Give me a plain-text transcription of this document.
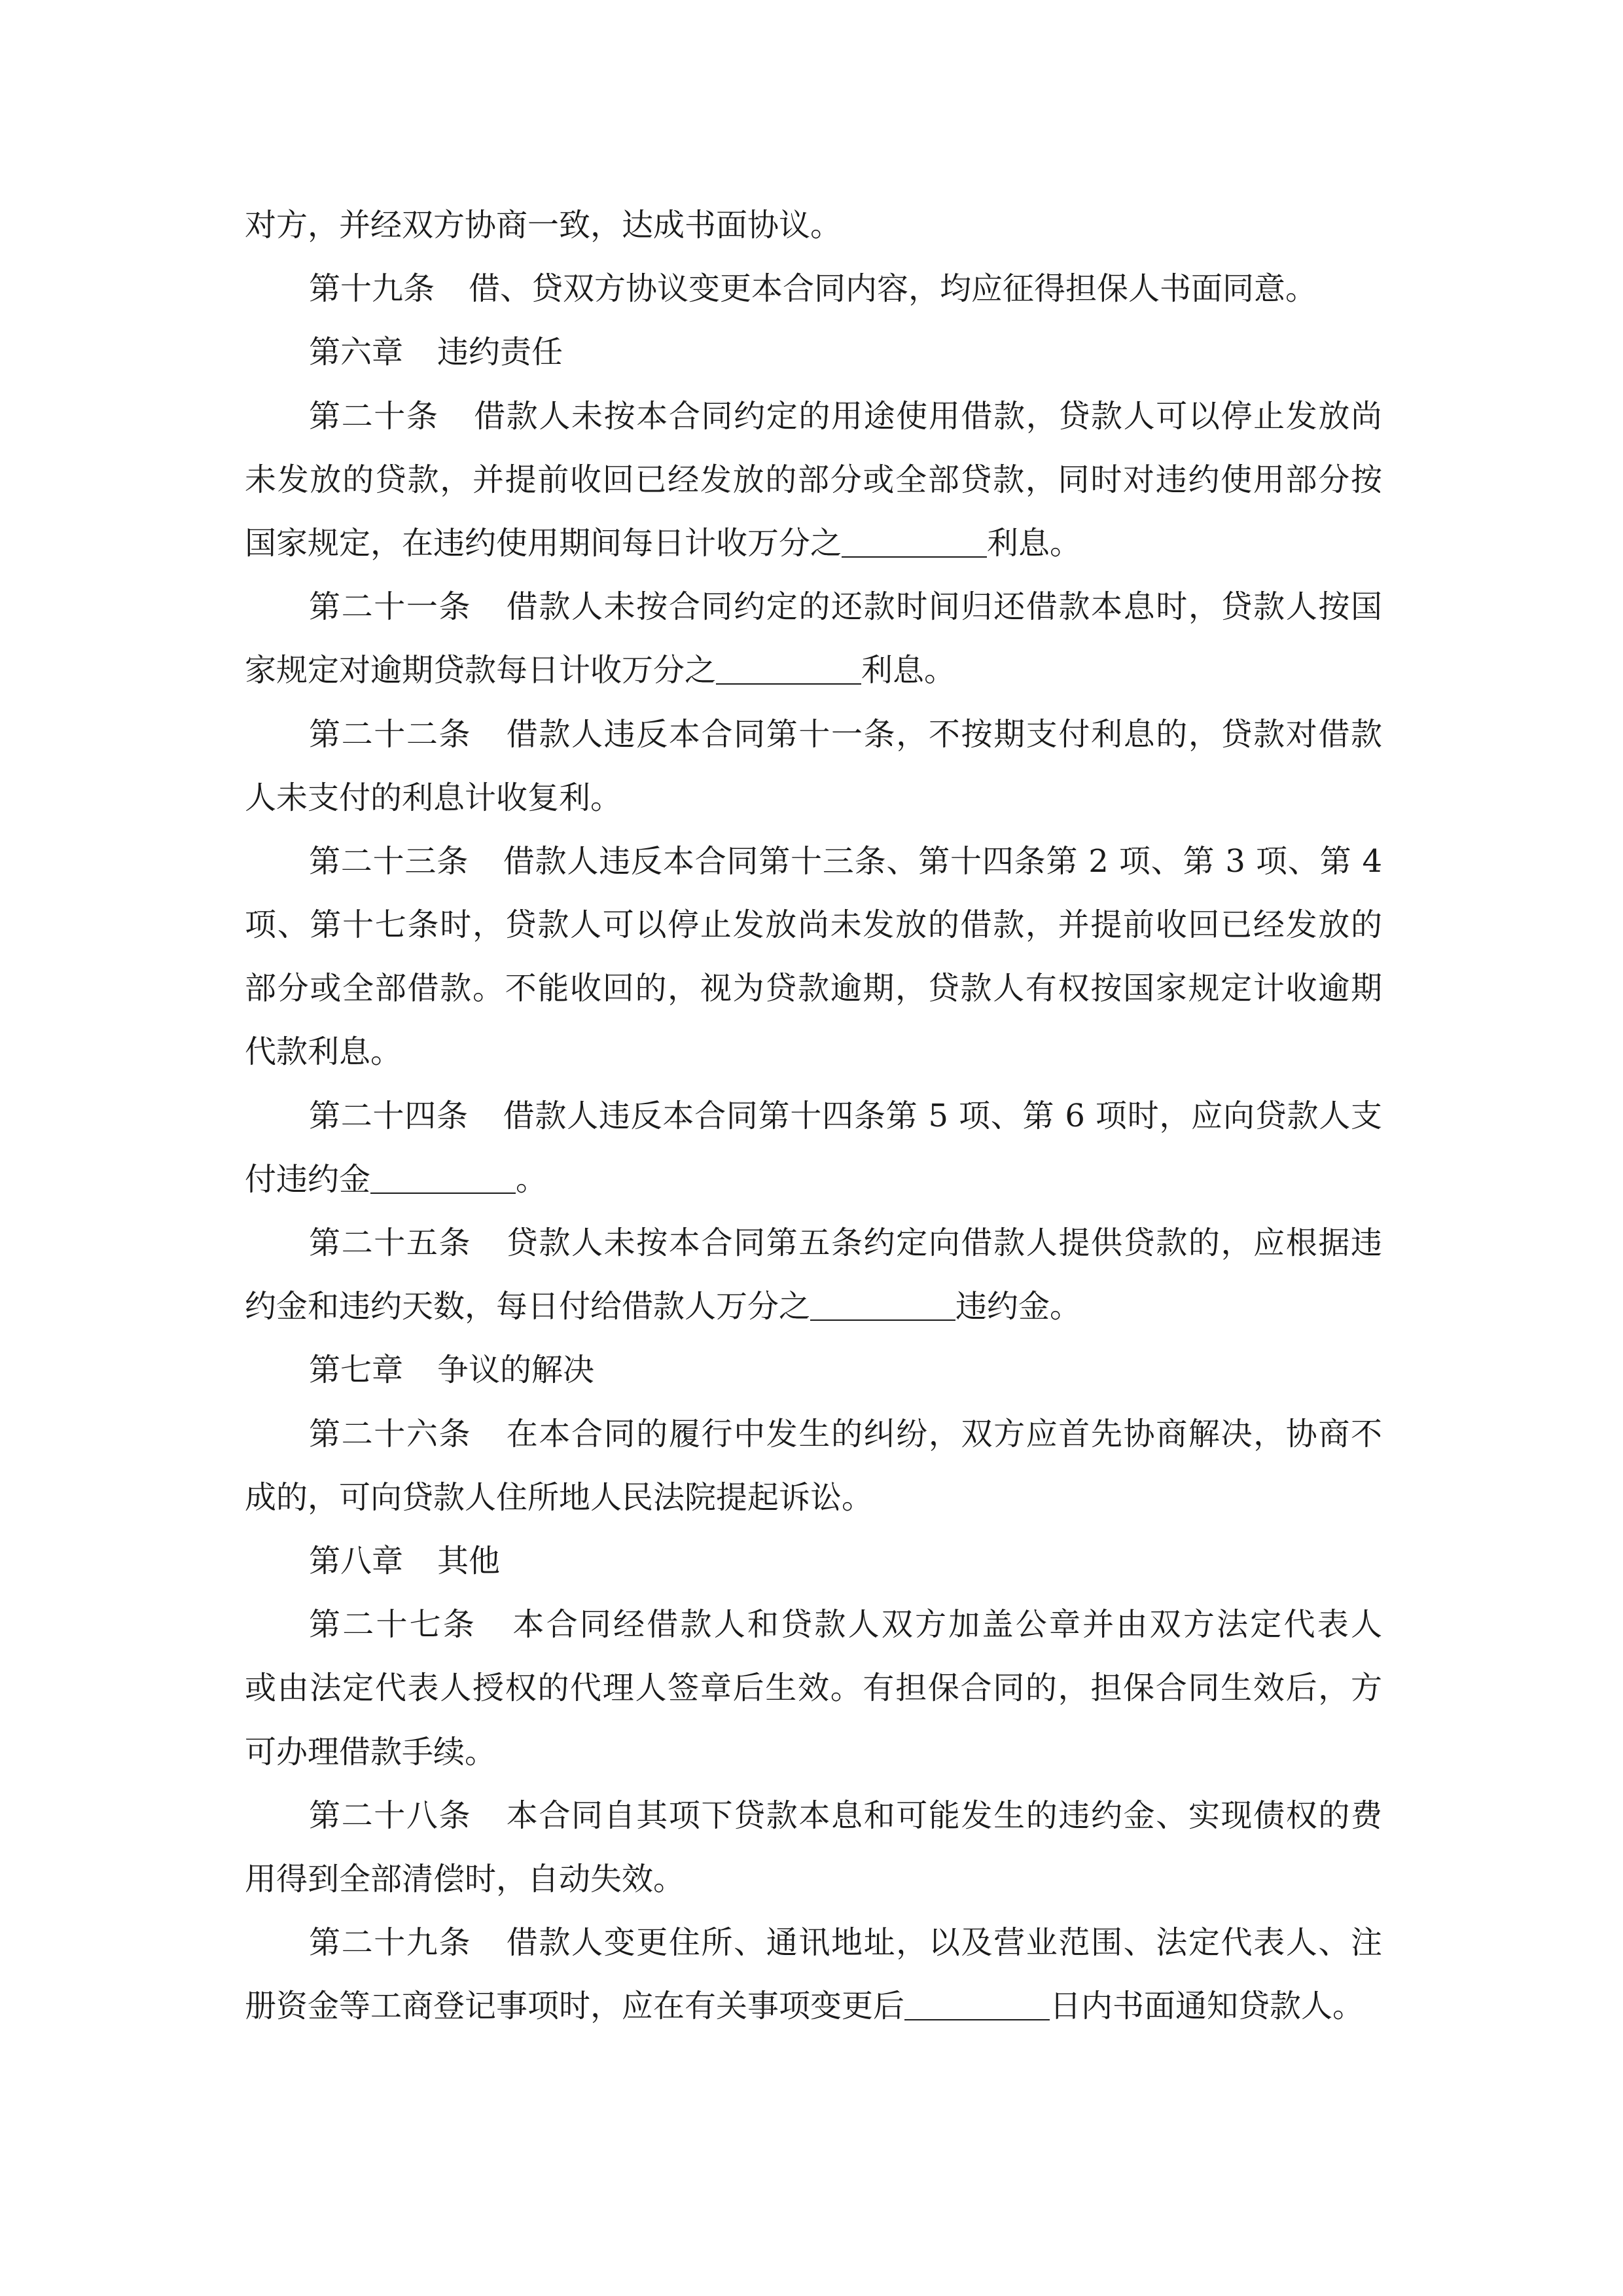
对方，并经双方协商一致，达成书面协议。
第十九条 借、贷双方协议变更本合同内容，均应征得担保人书面同意。
第六章 违约责任
第二十条 借款人未按本合同约定的用途使用借款，贷款人可以停止发放尚
未发放的贷款，并提前收回已经发放的部分或全部贷款，同时对违约使用部分按
国家规定，在违约使用期间每日计收万分之	利息。
第二十一条 借款人未按合同约定的还款时间归还借款本息时，贷款人按国
家规定对逾期贷款每日计收万分之	利息。
第二十二条 借款人违反本合同第十一条，不按期支付利息的，贷款对借款
人未支付的利息计收复利。
第二十三条 借款人违反本合同第十三条、第十四条第 2 项、第 3 项、第 4
项、第十七条时，贷款人可以停止发放尚未发放的借款，并提前收回已经发放的
部分或全部借款。不能收回的，视为贷款逾期，贷款人有权按国家规定计收逾期
代款利息。
第二十四条 借款人违反本合同第十四条第 5 项、第 6 项时，应向贷款人支
付违约金	。
第二十五条 贷款人未按本合同第五条约定向借款人提供贷款的，应根据违
约金和违约天数，每日付给借款人万分之	违约金。
第七章 争议的解决
第二十六条 在本合同的履行中发生的纠纷，双方应首先协商解决，协商不
成的，可向贷款人住所地人民法院提起诉讼。
第八章 其他
第二十七条 本合同经借款人和贷款人双方加盖公章并由双方法定代表人
或由法定代表人授权的代理人签章后生效。有担保合同的，担保合同生效后，方
可办理借款手续。
第二十八条 本合同自其项下贷款本息和可能发生的违约金、实现债权的费
用得到全部清偿时，自动失效。
第二十九条 借款人变更住所、通讯地址，以及营业范围、法定代表人、注
册资金等工商登记事项时，应在有关事项变更后	日内书面通知贷款人。
